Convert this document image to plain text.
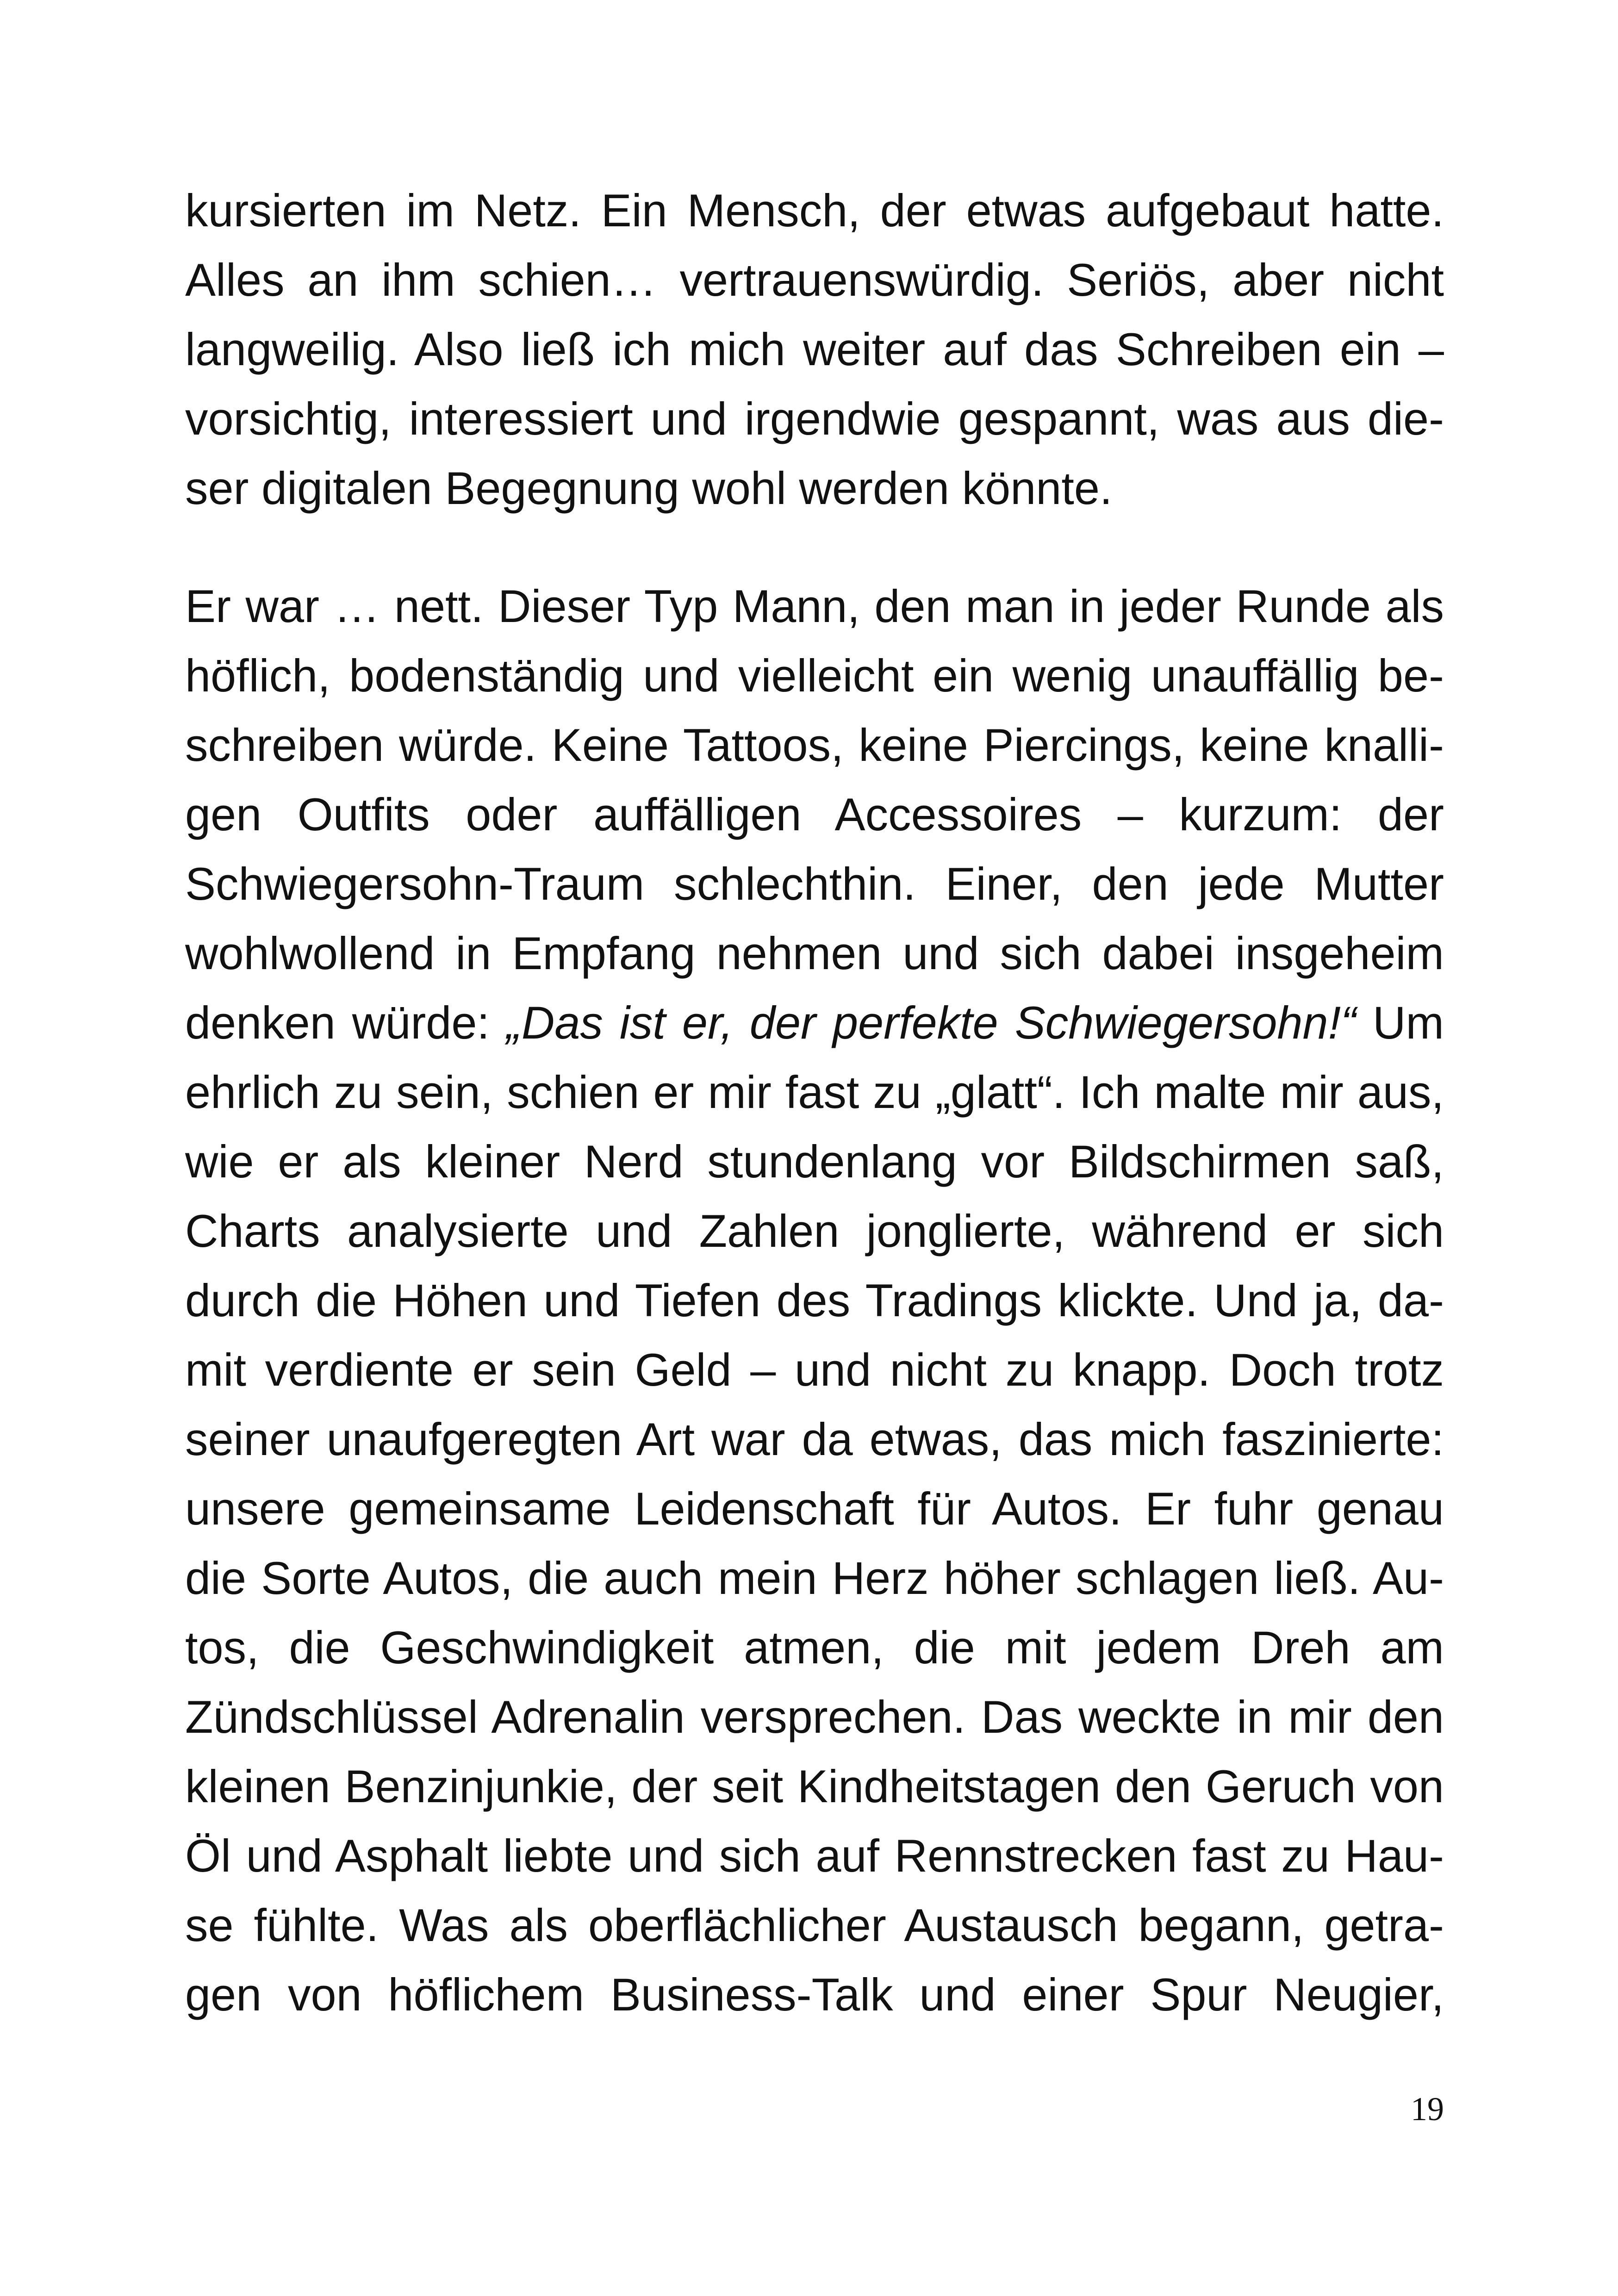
kursierten im Netz. Ein Mensch, der etwas aufgebaut hatte.
Alles an ihm schien… vertrauenswürdig. Seriös, aber nicht
langweilig. Also ließ ich mich weiter auf das Schreiben ein –
vorsichtig, interessiert und irgendwie gespannt, was aus die-
ser digitalen Begegnung wohl werden könnte.
Er war … nett. Dieser Typ Mann, den man in jeder Runde als
höflich, bodenständig und vielleicht ein wenig unauffällig be-
schreiben würde. Keine Tattoos, keine Piercings, keine knalli-
gen Outfits oder auffälligen Accessoires – kurzum: der
Schwiegersohn-Traum schlechthin. Einer, den jede Mutter
wohlwollend in Empfang nehmen und sich dabei insgeheim
denken würde: „Das ist er, der perfekte Schwiegersohn!“ Um
ehrlich zu sein, schien er mir fast zu „glatt“. Ich malte mir aus,
wie er als kleiner Nerd stundenlang vor Bildschirmen saß,
Charts analysierte und Zahlen jonglierte, während er sich
durch die Höhen und Tiefen des Tradings klickte. Und ja, da-
mit verdiente er sein Geld – und nicht zu knapp. Doch trotz
seiner unaufgeregten Art war da etwas, das mich faszinierte:
unsere gemeinsame Leidenschaft für Autos. Er fuhr genau
die Sorte Autos, die auch mein Herz höher schlagen ließ. Au-
tos, die Geschwindigkeit atmen, die mit jedem Dreh am
Zündschlüssel Adrenalin versprechen. Das weckte in mir den
kleinen Benzinjunkie, der seit Kindheitstagen den Geruch von
Öl und Asphalt liebte und sich auf Rennstrecken fast zu Hau-
se fühlte. Was als oberflächlicher Austausch begann, getra-
gen von höflichem Business-Talk und einer Spur Neugier,
19
